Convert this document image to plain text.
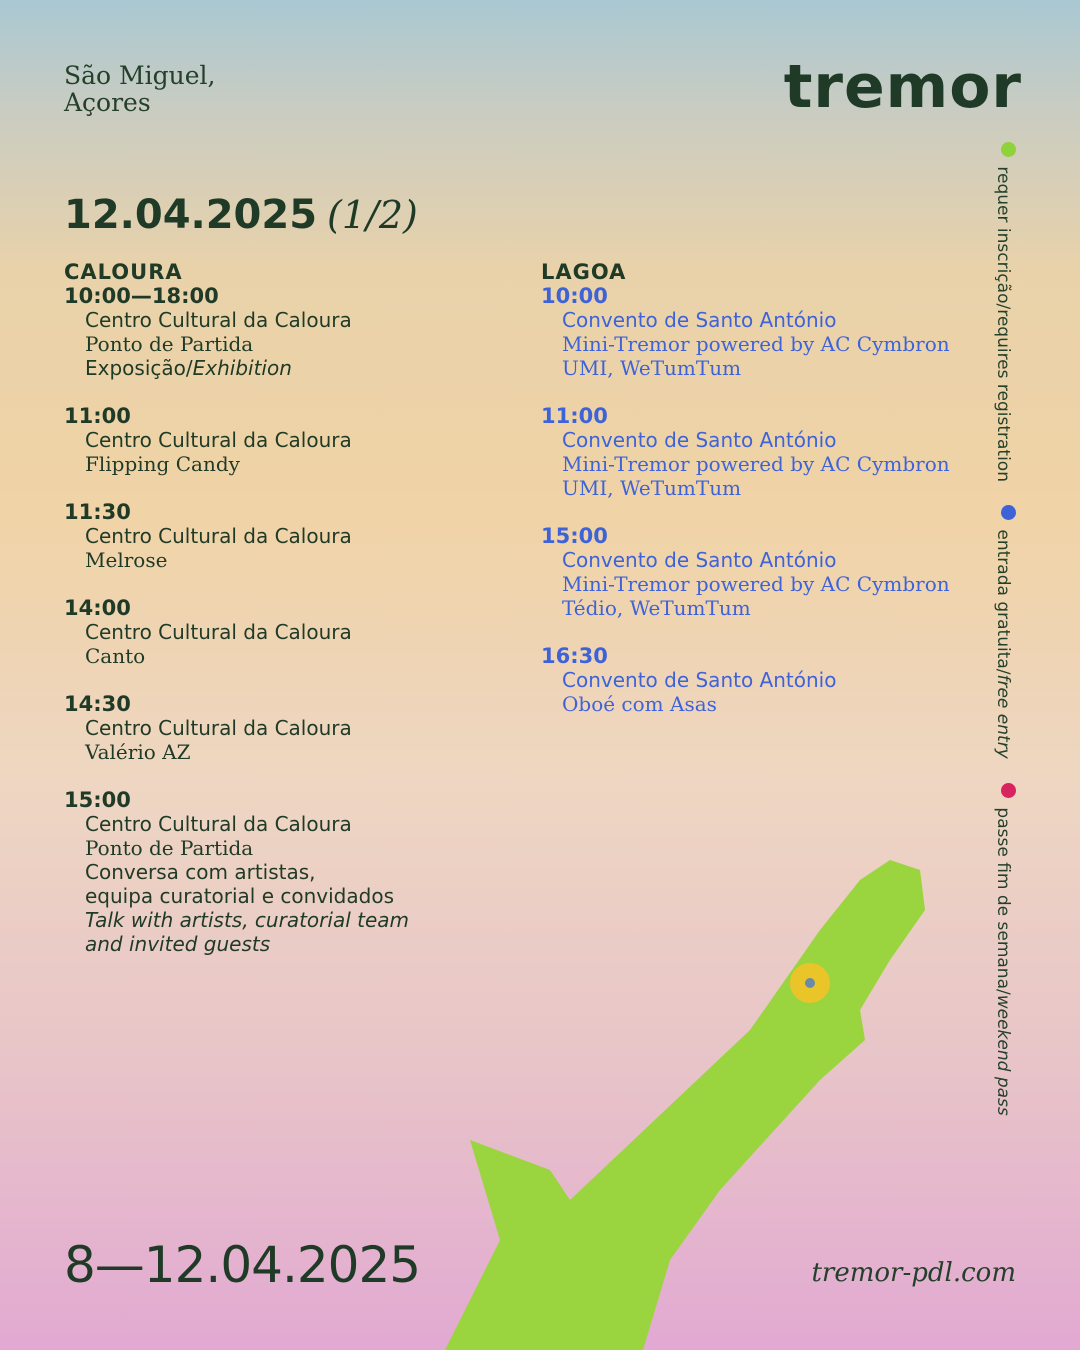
São Miguel,
Açores	tremor
12.04.2025 (1/2)
CALOURA
10:00—18:00
Centro Cultural da Caloura
Ponto de Partida
Exposição/Exhibition
11:00
Centro Cultural da Caloura
Flipping Candy
11:30
Centro Cultural da Caloura
Melrose
14:00
Centro Cultural da Caloura
Canto
14:30
Centro Cultural da Caloura
Valério AZ
15:00
Centro Cultural da Caloura
Ponto de Partida
Conversa com artistas,
equipa curatorial e convidados
Talk with artists, curatorial team
and invited guests
LAGOA
10:00
Convento de Santo António
Mini-Tremor powered by AC Cymbron
UMI, WeTumTum
11:00
Convento de Santo António
Mini-Tremor powered by AC Cymbron
UMI, WeTumTum
15:00
Convento de Santo António
Mini-Tremor powered by AC Cymbron
Tédio, WeTumTum
16:30
Convento de Santo António
Oboé com Asas
requer inscrição/requires registration  entrada gratuita/free entry  passe fim de semana/weekend pass
8—12.04.2025	tremor-pdl.com
